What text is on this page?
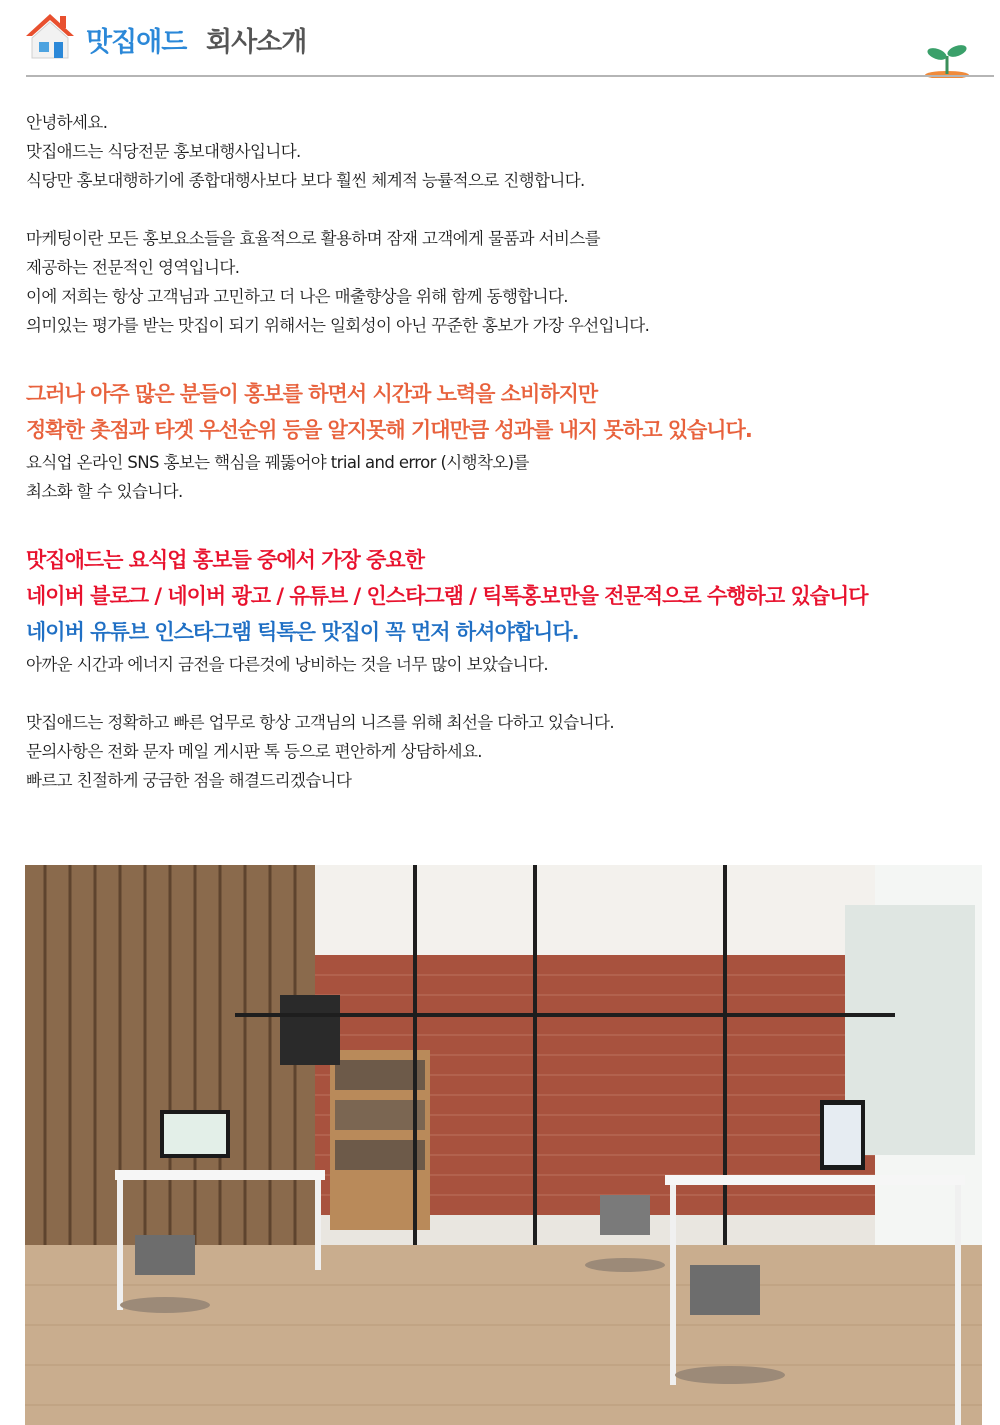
맛집애드 회사소개
안녕하세요.
맛집애드는 식당전문 홍보대행사입니다.
식당만 홍보대행하기에 종합대행사보다 보다 훨씬 체계적 능률적으로 진행합니다.
마케팅이란 모든 홍보요소들을 효율적으로 활용하며 잠재 고객에게 물품과 서비스를
제공하는 전문적인 영역입니다.
이에 저희는 항상 고객님과 고민하고 더 나은 매출향상을 위해 함께 동행합니다.
의미있는 평가를 받는 맛집이 되기 위해서는 일회성이 아닌 꾸준한 홍보가 가장 우선입니다.
그러나 아주 많은 분들이 홍보를 하면서 시간과 노력을 소비하지만
정확한 촛점과 타겟 우선순위 등을 알지못해 기대만큼 성과를 내지 못하고 있습니다.
요식업 온라인 SNS 홍보는 핵심을 꿰뚫어야 trial and error (시행착오)를
최소화 할 수 있습니다.
맛집애드는 요식업 홍보들 중에서 가장 중요한
네이버 블로그 / 네이버 광고 / 유튜브 / 인스타그램 / 틱톡홍보만을 전문적으로 수행하고 있습니다
네이버 유튜브 인스타그램 틱톡은 맛집이 꼭 먼저 하셔야합니다.
아까운 시간과 에너지 금전을 다른것에 낭비하는 것을 너무 많이 보았습니다.
맛집애드는 정확하고 빠른 업무로 항상 고객님의 니즈를 위해 최선을 다하고 있습니다.
문의사항은 전화 문자 메일 게시판 톡 등으로 편안하게 상담하세요.
빠르고 친절하게 궁금한 점을 해결드리겠습니다
